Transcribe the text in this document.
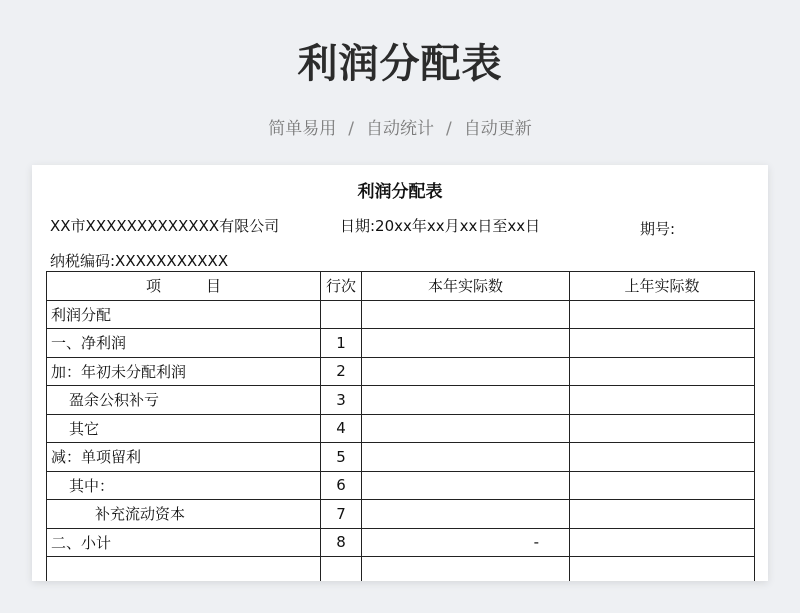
利润分配表
简单易用 / 自动统计 / 自动更新
利润分配表
XX市XXXXXXXXXXXXX有限公司	日期:20xx年xx月xx日至xx日	期号:
纳税编码:XXXXXXXXXXX
项　　　目	行次	本年实际数	上年实际数
利润分配			
一、净利润	1		
加：年初未分配利润	2		
盈余公积补亏	3		
其它	4		
减：单项留利	5		
其中：	6		
补充流动资本	7		
二、小计	8	-	
